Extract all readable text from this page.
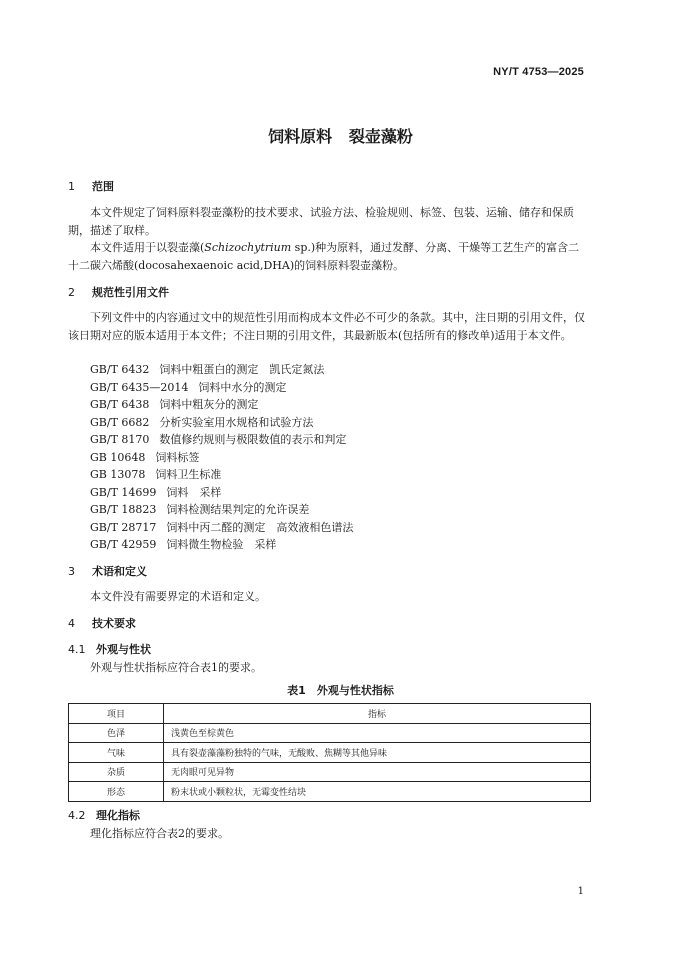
NY/T 4753—2025
饲料原料 裂壶藻粉
1 范围
本文件规定了饲料原料裂壶藻粉的技术要求、试验方法、检验规则、标签、包装、运输、储存和保质期，描述了取样。
本文件适用于以裂壶藻(Schizochytrium sp.)种为原料，通过发酵、分离、干燥等工艺生产的富含二十二碳六烯酸(docosahexaenoic acid,DHA)的饲料原料裂壶藻粉。
2 规范性引用文件
下列文件中的内容通过文中的规范性引用而构成本文件必不可少的条款。其中，注日期的引用文件，仅该日期对应的版本适用于本文件；不注日期的引用文件，其最新版本(包括所有的修改单)适用于本文件。
GB/T 6432 饲料中粗蛋白的测定　凯氏定氮法
GB/T 6435—2014 饲料中水分的测定
GB/T 6438 饲料中粗灰分的测定
GB/T 6682 分析实验室用水规格和试验方法
GB/T 8170 数值修约规则与极限数值的表示和判定
GB 10648 饲料标签
GB 13078 饲料卫生标准
GB/T 14699 饲料　采样
GB/T 18823 饲料检测结果判定的允许误差
GB/T 28717 饲料中丙二醛的测定　高效液相色谱法
GB/T 42959 饲料微生物检验　采样
3 术语和定义
本文件没有需要界定的术语和定义。
4 技术要求
4.1 外观与性状
外观与性状指标应符合表1的要求。
表1　外观与性状指标
项目	指标
色泽	浅黄色至棕黄色
气味	具有裂壶藻藻粉独特的气味，无酸败、焦糊等其他异味
杂质	无肉眼可见异物
形态	粉末状或小颗粒状，无霉变性结块
4.2 理化指标
理化指标应符合表2的要求。
1
